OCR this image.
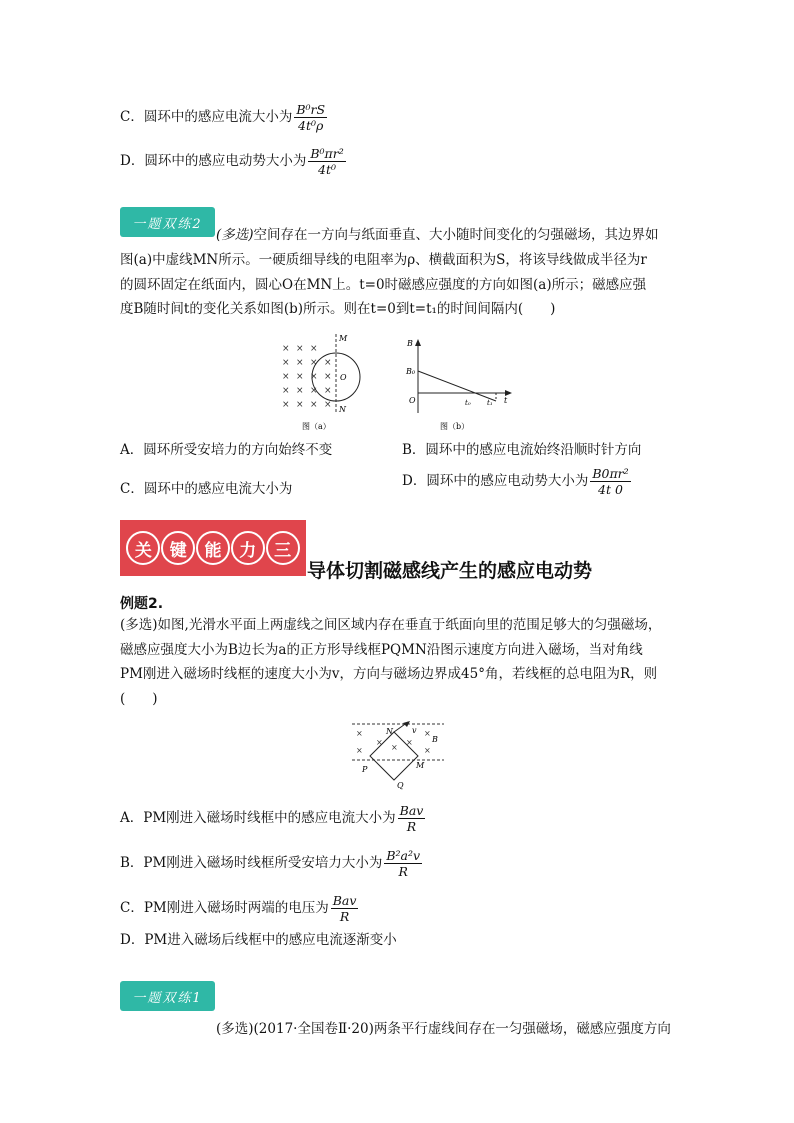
C．圆环中的感应电流大小为 $\frac{\text{B⁰rS}}{\text{4t⁰ρ}}$
D．圆环中的感应电动势大小为 $\frac{\text{B⁰πr²}}{\text{4t⁰}}$
一题双练2
(多选)空间存在一方向与纸面垂直、大小随时间变化的匀强磁场，其边界如
图(a)中虚线MN所示。一硬质细导线的电阻率为ρ、横截面积为S，将该导线做成半径为r
的圆环固定在纸面内，圆心O在MN上。t=0时磁感应强度的方向如图(a)所示；磁感应强
度B随时间t的变化关系如图(b)所示。则在t=0到t=t₁的时间间隔内(　　)
× × ×
× × × ×
× × × ×
× × × ×
× × × ×
M
N
O
图（a）
B
B₀
O	t₀ t₁ t
图（b）
A．圆环所受安培力的方向始终不变	B．圆环中的感应电流始终沿顺时针方向
C．圆环中的感应电流大小为	D．圆环中的感应电动势大小为 $\frac{\text{B0πr²}}{4t 0}$
关	键	能	力	三
导体切割磁感线产生的感应电动势
例题2.
(多选)如图,光滑水平面上两虚线之间区域内存在垂直于纸面向里的范围足够大的匀强磁场，
磁感应强度大小为B边长为a的正方形导线框PQMN沿图示速度方向进入磁场，当对角线
PM刚进入磁场时线框的速度大小为v，方向与磁场边界成45°角，若线框的总电阻为R，则
(　　)
×
×
×
×
×
×
×
N v
B
P	M
Q
A．PM刚进入磁场时线框中的感应电流大小为 $\frac{\text{Bav}}{R}$
B．PM刚进入磁场时线框所受安培力大小为 $\frac{\text{B²a²v}}{R}$
C．PM刚进入磁场时两端的电压为 $\frac{\text{Bav}}{R}$
D．PM进入磁场后线框中的感应电流逐渐变小
一题双练1
(多选)(2017·全国卷Ⅱ·20)两条平行虚线间存在一匀强磁场，磁感应强度方向
